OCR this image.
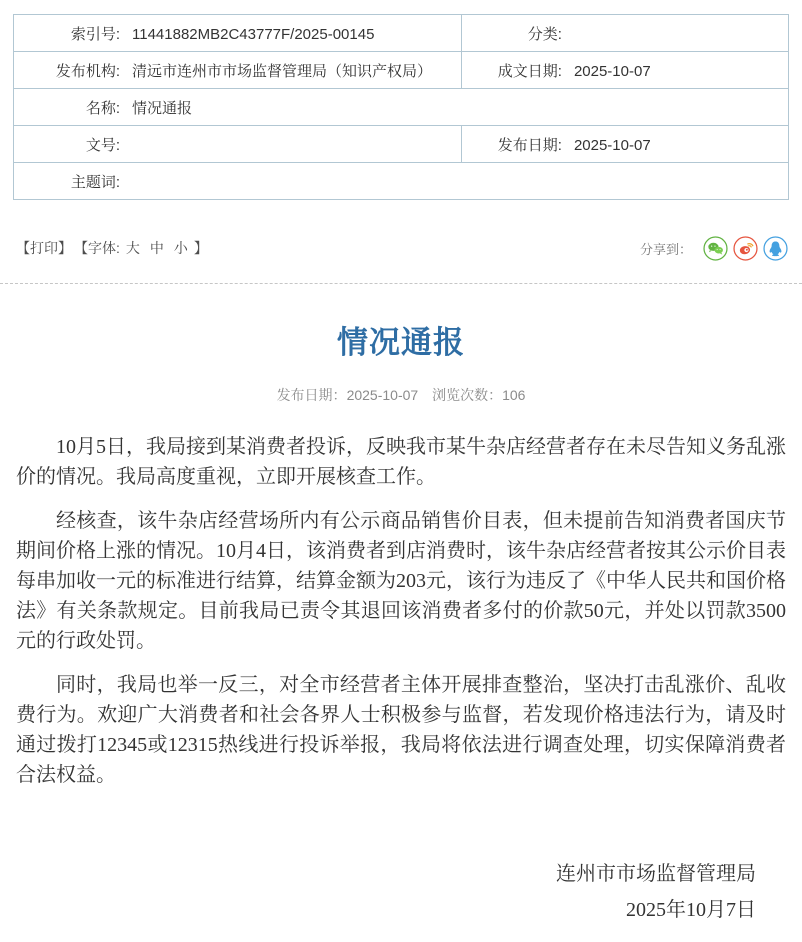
索引号: 11441882MB2C43777F/2025-00145	分类:
发布机构: 清远市连州市市场监督管理局（知识产权局）	成文日期: 2025-10-07
名称: 情况通报	
文号:	发布日期: 2025-10-07
主题词:	
【打印】 【字体: 大 中 小 】	分享到：
情况通报
发布日期：2025-10-07 浏览次数：106

10月5日，我局接到某消费者投诉，反映我市某牛杂店经营者存在未尽告知义务乱涨价的情况。我局高度重视，立即开展核查工作。

经核查，该牛杂店经营场所内有公示商品销售价目表，但未提前告知消费者国庆节期间价格上涨的情况。10月4日，该消费者到店消费时，该牛杂店经营者按其公示价目表每串加收一元的标准进行结算，结算金额为203元，该行为违反了《中华人民共和国价格法》有关条款规定。目前我局已责令其退回该消费者多付的价款50元，并处以罚款3500元的行政处罚。

同时，我局也举一反三，对全市经营者主体开展排查整治，坚决打击乱涨价、乱收费行为。欢迎广大消费者和社会各界人士积极参与监督，若发现价格违法行为，请及时通过拨打12345或12315热线进行投诉举报，我局将依法进行调查处理，切实保障消费者合法权益。

连州市市场监督管理局
2025年10月7日
